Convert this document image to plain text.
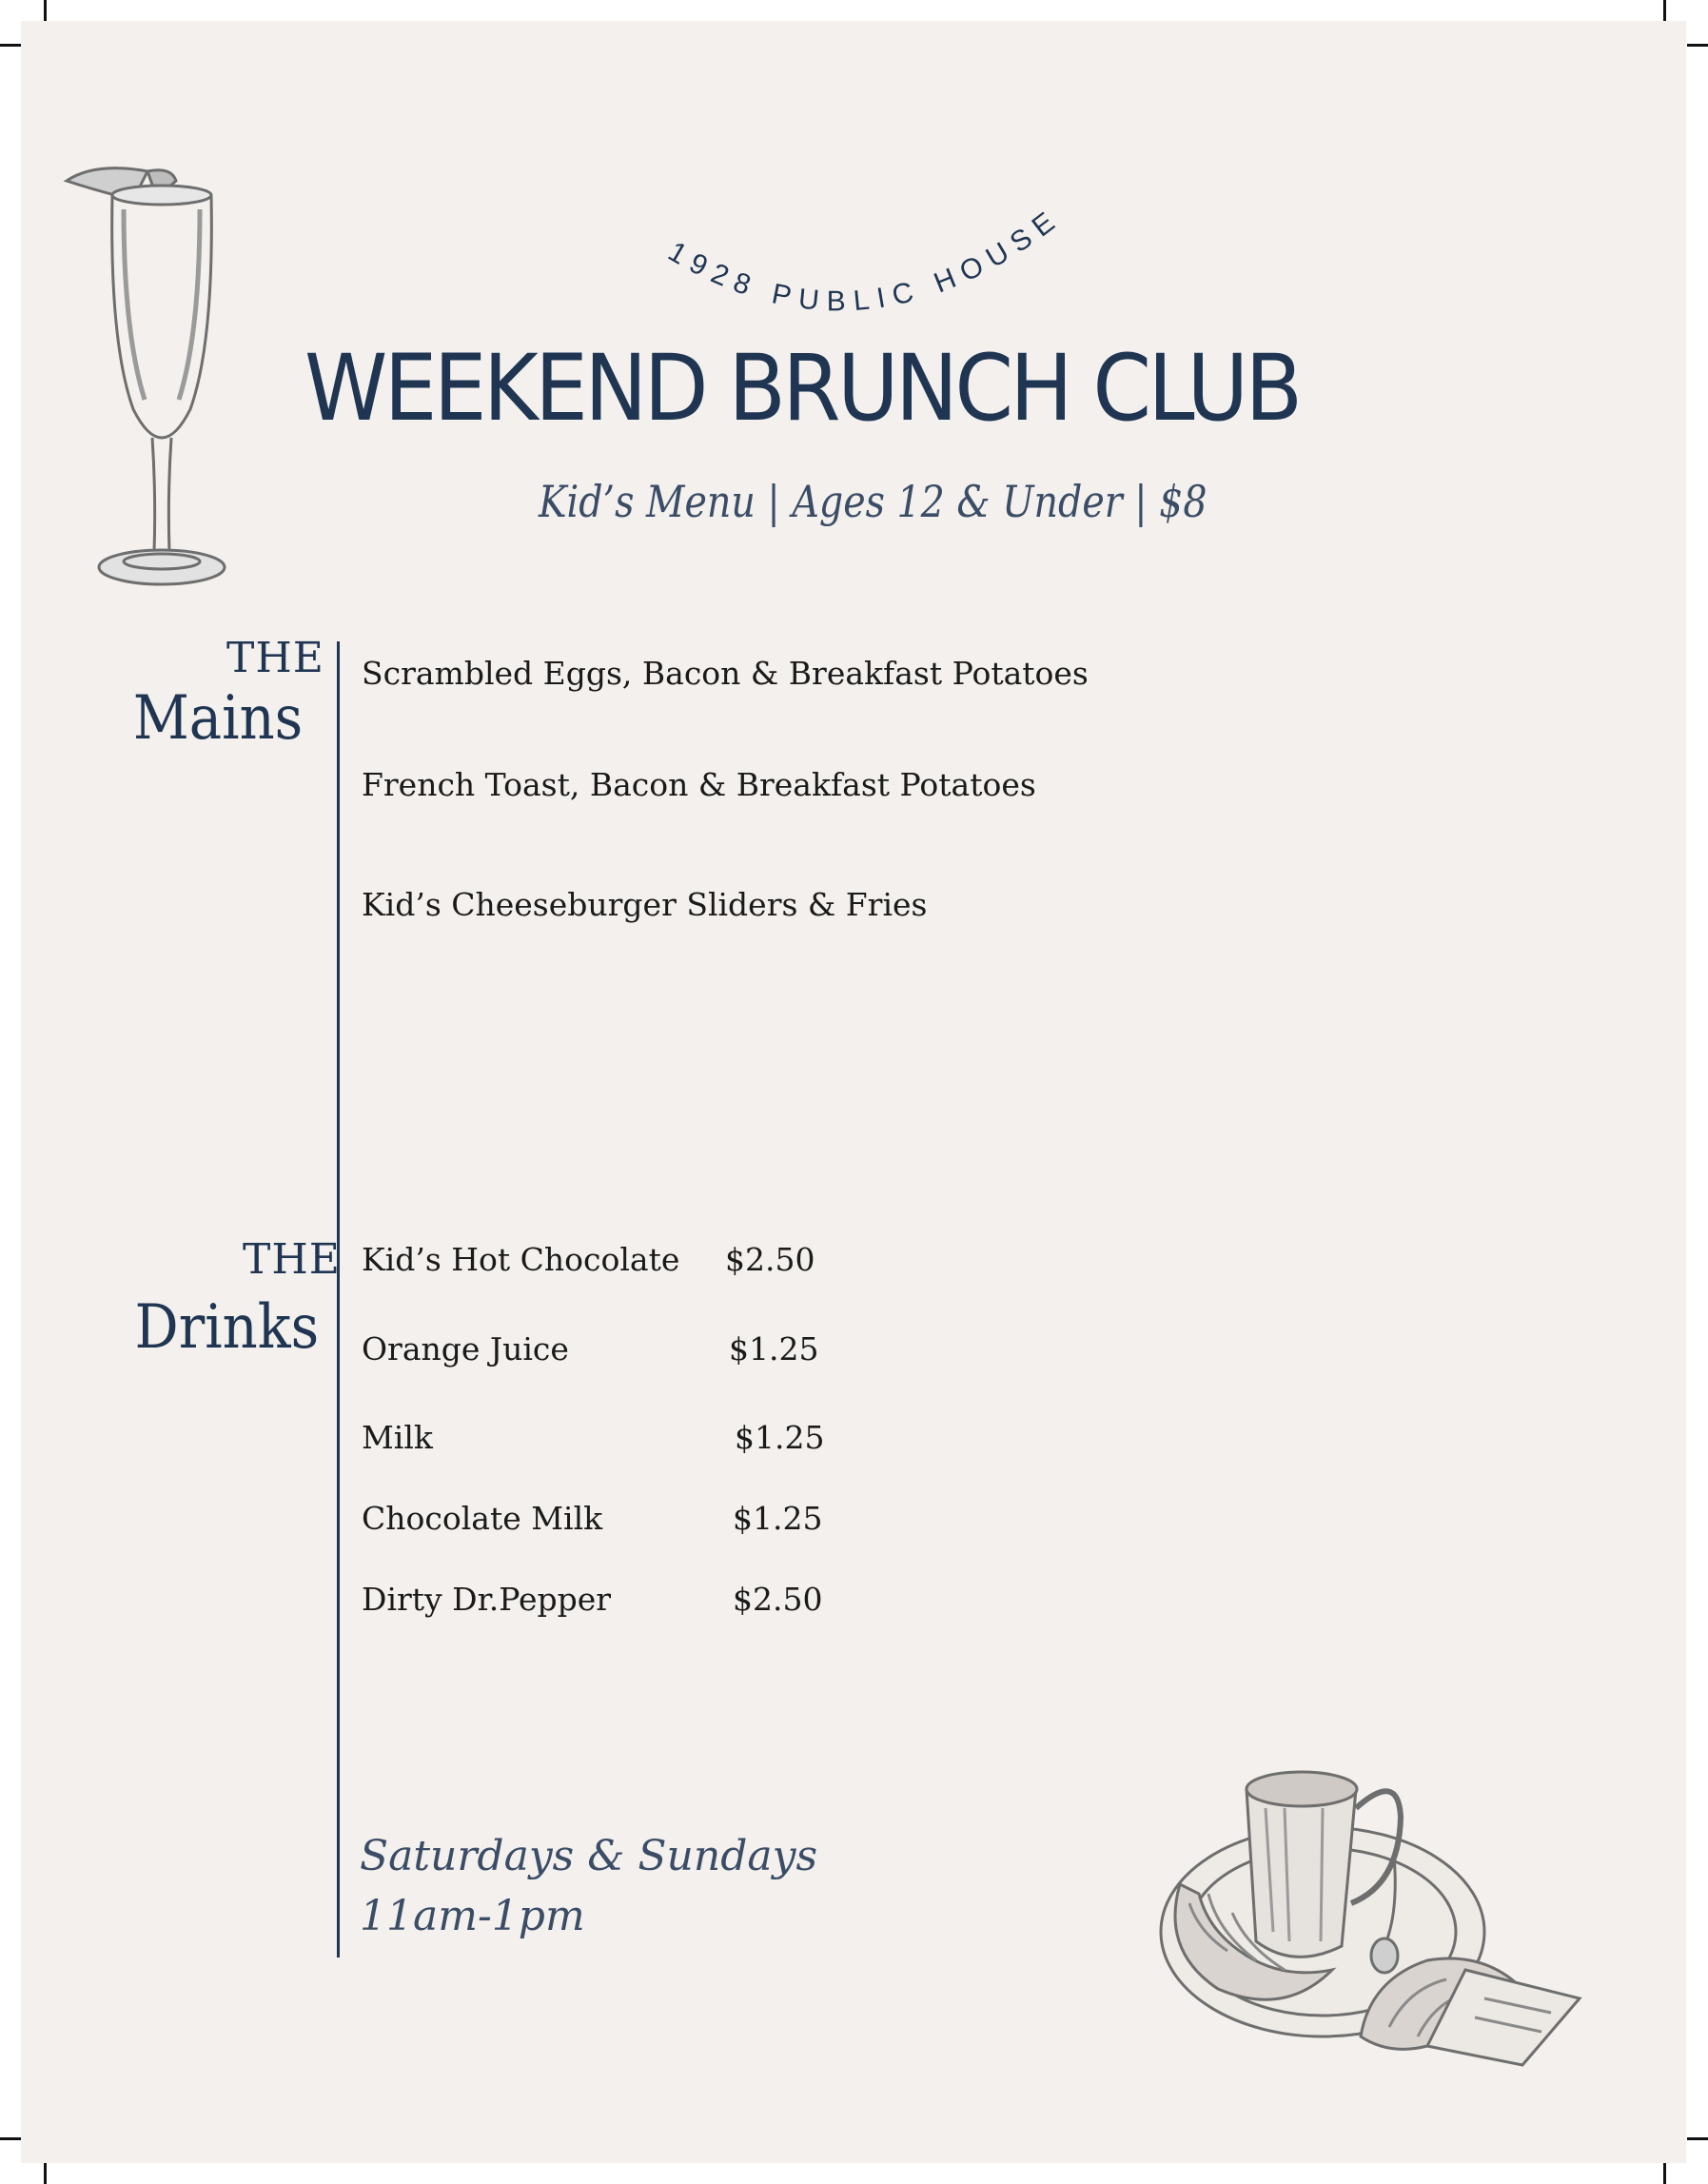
1928 PUBLIC HOUSE
WEEKEND BRUNCH CLUB
Kid’s Menu | Ages 12 & Under | $8
THE
Mains
Scrambled Eggs, Bacon & Breakfast Potatoes
French Toast, Bacon & Breakfast Potatoes
Kid’s Cheeseburger Sliders & Fries
THE
Drinks
Kid’s Hot Chocolate $2.50
Orange Juice	$1.25
Milk	$1.25
Chocolate Milk	$1.25
Dirty Dr.Pepper	$2.50
Saturdays & Sundays
11am-1pm
